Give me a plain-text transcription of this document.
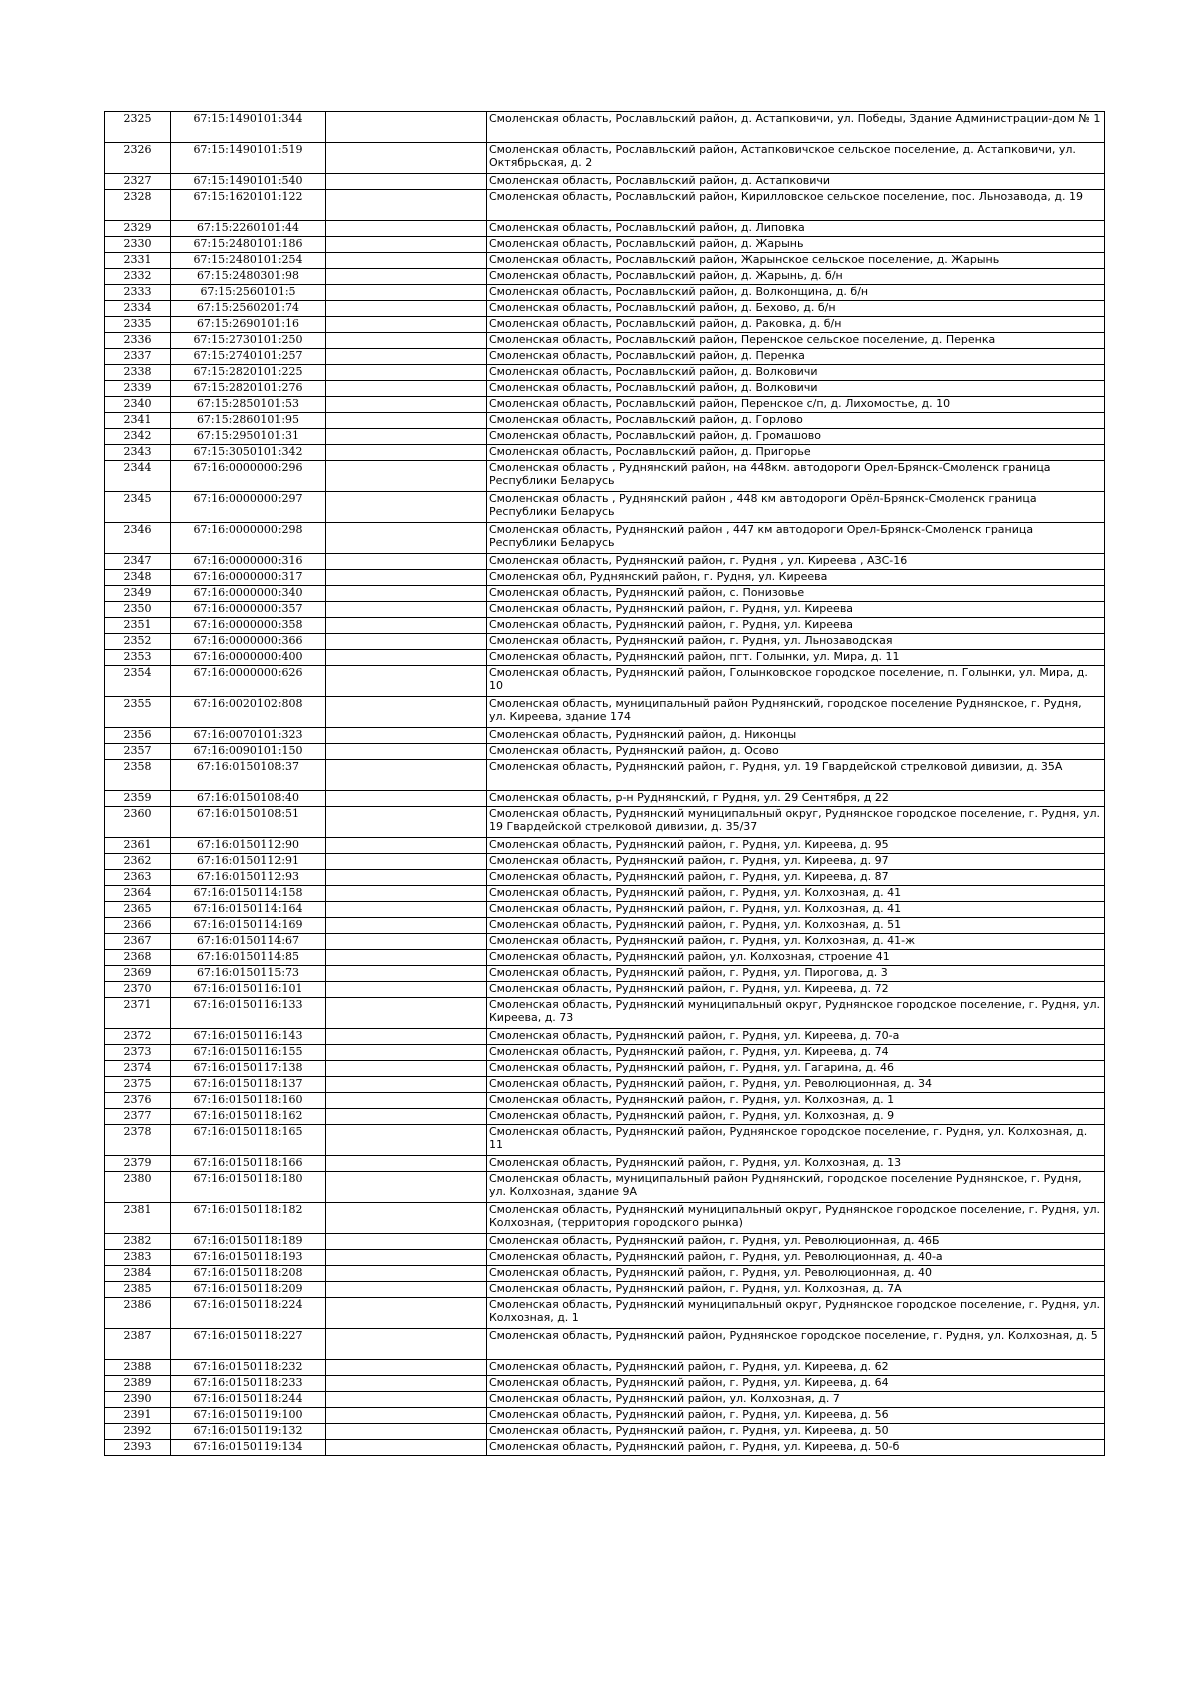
2325	67:15:1490101:344		Смоленская область, Рославльский район, д. Астапковичи, ул. Победы, Здание Администрации-дом № 1
2326	67:15:1490101:519		Смоленская область, Рославльский район, Астапковичское сельское поселение, д. Астапковичи, ул. Октябрьская, д. 2
2327	67:15:1490101:540		Смоленская область, Рославльский район, д. Астапковичи
2328	67:15:1620101:122		Смоленская область, Рославльский район, Кирилловское сельское поселение, пос. Льнозавода, д. 19
2329	67:15:2260101:44		Смоленская область, Рославльский район, д. Липовка
2330	67:15:2480101:186		Смоленская область, Рославльский район, д. Жарынь
2331	67:15:2480101:254		Смоленская область, Рославльский район, Жарынское сельское поселение, д. Жарынь
2332	67:15:2480301:98		Смоленская область, Рославльский район, д. Жарынь, д. б/н
2333	67:15:2560101:5		Смоленская область, Рославльский район, д. Волконщина, д. б/н
2334	67:15:2560201:74		Смоленская область, Рославльский район, д. Бехово, д. б/н
2335	67:15:2690101:16		Смоленская область, Рославльский район, д. Раковка, д. б/н
2336	67:15:2730101:250		Смоленская область, Рославльский район, Перенское сельское поселение, д. Перенка
2337	67:15:2740101:257		Смоленская область, Рославльский район, д. Перенка
2338	67:15:2820101:225		Смоленская область, Рославльский район, д. Волковичи
2339	67:15:2820101:276		Смоленская область, Рославльский район, д. Волковичи
2340	67:15:2850101:53		Смоленская область, Рославльский район, Перенское с/п, д. Лихомостье, д. 10
2341	67:15:2860101:95		Смоленская область, Рославльский район, д. Горлово
2342	67:15:2950101:31		Смоленская область, Рославльский район, д. Громашово
2343	67:15:3050101:342		Смоленская область, Рославльский район, д. Пригорье
2344	67:16:0000000:296		Смоленская область , Руднянский район, на 448км. автодороги Орел-Брянск-Смоленск граница Республики Беларусь
2345	67:16:0000000:297		Смоленская область , Руднянский район , 448 км автодороги Орёл-Брянск-Смоленск граница Республики Беларусь
2346	67:16:0000000:298		Смоленская область, Руднянский район , 447 км автодороги Орел-Брянск-Смоленск граница Республики Беларусь
2347	67:16:0000000:316		Смоленская область, Руднянский район, г. Рудня , ул. Киреева , АЗС-16
2348	67:16:0000000:317		Смоленская обл, Руднянский район, г. Рудня, ул. Киреева
2349	67:16:0000000:340		Смоленская область, Руднянский район, с. Понизовье
2350	67:16:0000000:357		Смоленская область, Руднянский район, г. Рудня, ул. Киреева
2351	67:16:0000000:358		Смоленская область, Руднянский район, г. Рудня, ул. Киреева
2352	67:16:0000000:366		Смоленская область, Руднянский район, г. Рудня, ул. Льнозаводская
2353	67:16:0000000:400		Смоленская область, Руднянский район, пгт. Голынки, ул. Мира, д. 11
2354	67:16:0000000:626		Смоленская область, Руднянский район, Голынковское городское поселение, п. Голынки, ул. Мира, д. 10
2355	67:16:0020102:808		Смоленская область, муниципальный район Руднянский, городское поселение Руднянское, г. Рудня, ул. Киреева, здание 174
2356	67:16:0070101:323		Смоленская область, Руднянский район, д. Никонцы
2357	67:16:0090101:150		Смоленская область, Руднянский район, д. Осово
2358	67:16:0150108:37		Смоленская область, Руднянский район, г. Рудня, ул. 19 Гвардейской стрелковой дивизии, д. 35А
2359	67:16:0150108:40		Смоленская область, р-н Руднянский, г Рудня, ул. 29 Сентября, д 22
2360	67:16:0150108:51		Смоленская область, Руднянский муниципальный округ, Руднянское городское поселение, г. Рудня, ул. 19 Гвардейской стрелковой дивизии, д. 35/37
2361	67:16:0150112:90		Смоленская область, Руднянский район, г. Рудня, ул. Киреева, д. 95
2362	67:16:0150112:91		Смоленская область, Руднянский район, г. Рудня, ул. Киреева, д. 97
2363	67:16:0150112:93		Смоленская область, Руднянский район, г. Рудня, ул. Киреева, д. 87
2364	67:16:0150114:158		Смоленская область, Руднянский район, г. Рудня, ул. Колхозная, д. 41
2365	67:16:0150114:164		Смоленская область, Руднянский район, г. Рудня, ул. Колхозная, д. 41
2366	67:16:0150114:169		Смоленская область, Руднянский район, г. Рудня, ул. Колхозная, д. 51
2367	67:16:0150114:67		Смоленская область, Руднянский район, г. Рудня, ул. Колхозная, д. 41-ж
2368	67:16:0150114:85		Смоленская область, Руднянский район, ул. Колхозная, строение 41
2369	67:16:0150115:73		Смоленская область, Руднянский район, г. Рудня, ул. Пирогова, д. 3
2370	67:16:0150116:101		Смоленская область, Руднянский район, г. Рудня, ул. Киреева, д. 72
2371	67:16:0150116:133		Смоленская область, Руднянский муниципальный округ, Руднянское городское поселение, г. Рудня, ул. Киреева, д. 73
2372	67:16:0150116:143		Смоленская область, Руднянский район, г. Рудня, ул. Киреева, д. 70-а
2373	67:16:0150116:155		Смоленская область, Руднянский район, г. Рудня, ул. Киреева, д. 74
2374	67:16:0150117:138		Смоленская область, Руднянский район, г. Рудня, ул. Гагарина, д. 46
2375	67:16:0150118:137		Смоленская область, Руднянский район, г. Рудня, ул. Революционная, д. 34
2376	67:16:0150118:160		Смоленская область, Руднянский район, г. Рудня, ул. Колхозная, д. 1
2377	67:16:0150118:162		Смоленская область, Руднянский район, г. Рудня, ул. Колхозная, д. 9
2378	67:16:0150118:165		Смоленская область, Руднянский район, Руднянское городское поселение, г. Рудня, ул. Колхозная, д. 11
2379	67:16:0150118:166		Смоленская область, Руднянский район, г. Рудня, ул. Колхозная, д. 13
2380	67:16:0150118:180		Смоленская область, муниципальный район Руднянский, городское поселение Руднянское, г. Рудня, ул. Колхозная, здание 9А
2381	67:16:0150118:182		Смоленская область, Руднянский муниципальный округ, Руднянское городское поселение, г. Рудня, ул. Колхозная, (территория городского рынка)
2382	67:16:0150118:189		Смоленская область, Руднянский район, г. Рудня, ул. Революционная, д. 46Б
2383	67:16:0150118:193		Смоленская область, Руднянский район, г. Рудня, ул. Революционная, д. 40-а
2384	67:16:0150118:208		Смоленская область, Руднянский район, г. Рудня, ул. Революционная, д. 40
2385	67:16:0150118:209		Смоленская область, Руднянский район, г. Рудня, ул. Колхозная, д. 7А
2386	67:16:0150118:224		Смоленская область, Руднянский муниципальный округ, Руднянское городское поселение, г. Рудня, ул. Колхозная, д. 1
2387	67:16:0150118:227		Смоленская область, Руднянский район, Руднянское городское поселение, г. Рудня, ул. Колхозная, д. 5
2388	67:16:0150118:232		Смоленская область, Руднянский район, г. Рудня, ул. Киреева, д. 62
2389	67:16:0150118:233		Смоленская область, Руднянский район, г. Рудня, ул. Киреева, д. 64
2390	67:16:0150118:244		Смоленская область, Руднянский район, ул. Колхозная, д. 7
2391	67:16:0150119:100		Смоленская область, Руднянский район, г. Рудня, ул. Киреева, д. 56
2392	67:16:0150119:132		Смоленская область, Руднянский район, г. Рудня, ул. Киреева, д. 50
2393	67:16:0150119:134		Смоленская область, Руднянский район, г. Рудня, ул. Киреева, д. 50-б
